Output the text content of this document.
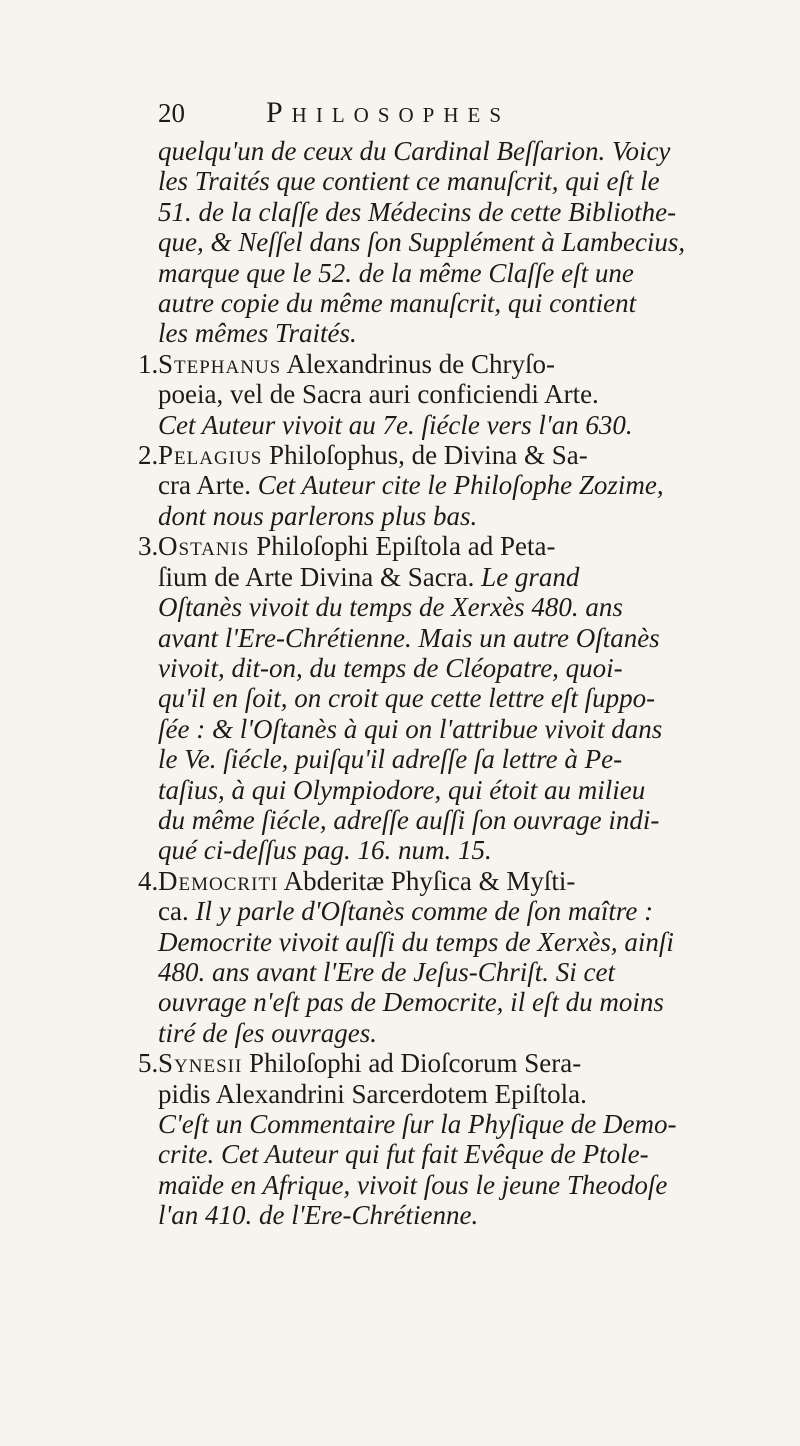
20	Philosophes

quelqu'un de ceux du Cardinal Beſſarion. Voicy
les Traités que contient ce manuſcrit, qui eſt le
51. de la claſſe des Médecins de cette Bibliothe-
que, & Neſſel dans ſon Supplément à Lambecius,
marque que le 52. de la même Claſſe eſt une
autre copie du même manuſcrit, qui contient
les mêmes Traités.

1. Stephanus Alexandrinus de Chryſo-
poeia, vel de Sacra auri conficiendi Arte.
Cet Auteur vivoit au 7e. ſiécle vers l'an 630.

2. Pelagius Philoſophus, de Divina & Sa-
cra Arte. Cet Auteur cite le Philoſophe Zozime,
dont nous parlerons plus bas.

3. Ostanis Philoſophi Epiſtola ad Peta-
ſium de Arte Divina & Sacra. Le grand
Oſtanès vivoit du temps de Xerxès 480. ans
avant l'Ere-Chrétienne. Mais un autre Oſtanès
vivoit, dit-on, du temps de Cléopatre, quoi-
qu'il en ſoit, on croit que cette lettre eſt ſuppo-
ſée : & l'Oſtanès à qui on l'attribue vivoit dans
le Ve. ſiécle, puiſqu'il adreſſe ſa lettre à Pe-
taſius, à qui Olympiodore, qui étoit au milieu
du même ſiécle, adreſſe auſſi ſon ouvrage indi-
qué ci-deſſus pag. 16. num. 15.

4. Democriti Abderitæ Phyſica & Myſti-
ca. Il y parle d'Oſtanès comme de ſon maître :
Democrite vivoit auſſi du temps de Xerxès, ainſi
480. ans avant l'Ere de Jeſus-Chriſt. Si cet
ouvrage n'eſt pas de Democrite, il eſt du moins
tiré de ſes ouvrages.

5. Synesii Philoſophi ad Dioſcorum Sera-
pidis Alexandrini Sarcerdotem Epiſtola.
C'eſt un Commentaire ſur la Phyſique de Demo-
crite. Cet Auteur qui fut fait Evêque de Ptole-
maïde en Afrique, vivoit ſous le jeune Theodoſe
l'an 410. de l'Ere-Chrétienne.
